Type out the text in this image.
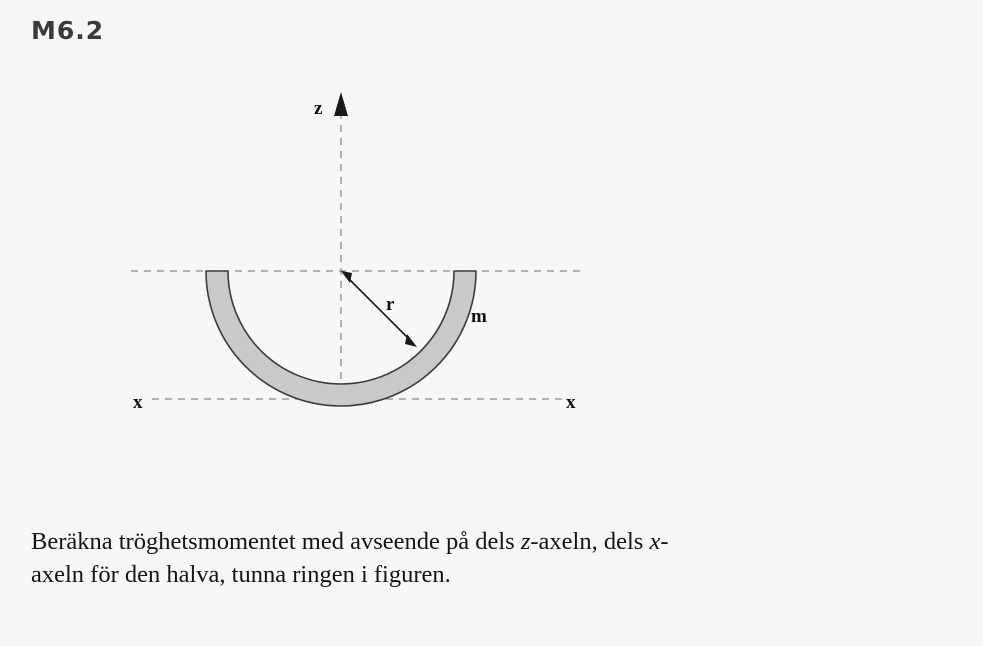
M6.2
z
x	x
r
m
Beräkna tröghetsmomentet med avseende på dels z-axeln, dels x-
axeln för den halva, tunna ringen i figuren.
